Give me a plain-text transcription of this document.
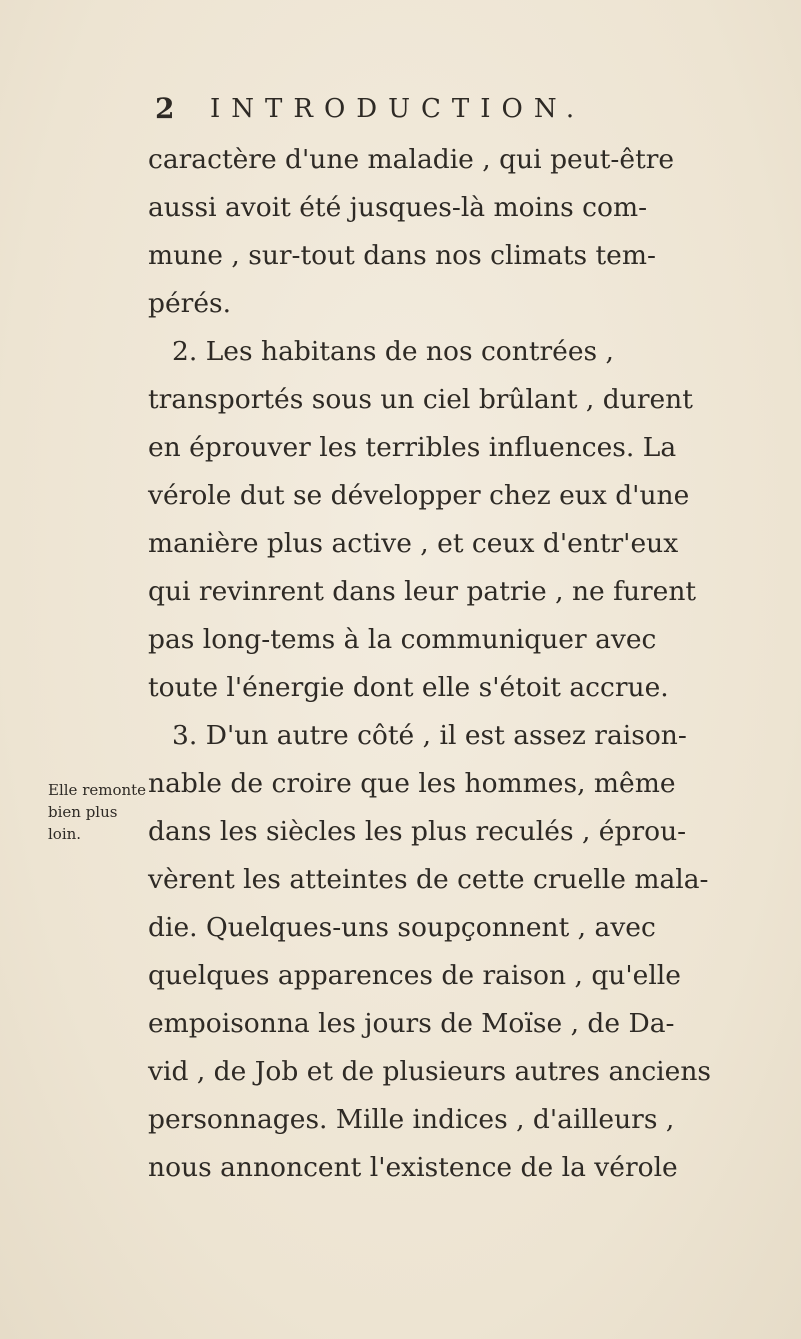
2 INTRODUCTION.
Elle remonte
bien plus loin.
caractère d'une maladie , qui peut-être
aussi avoit été jusques-là moins com-
mune , sur-tout dans nos climats tem-
pérés.
2. Les habitans de nos contrées ,
transportés sous un ciel brûlant , durent
en éprouver les terribles influences. La
vérole dut se développer chez eux d'une
manière plus active , et ceux d'entr'eux
qui revinrent dans leur patrie , ne furent
pas long-tems à la communiquer avec
toute l'énergie dont elle s'étoit accrue.
3. D'un autre côté , il est assez raison-
nable de croire que les hommes, même
dans les siècles les plus reculés , éprou-
vèrent les atteintes de cette cruelle mala-
die. Quelques-uns soupçonnent , avec
quelques apparences de raison , qu'elle
empoisonna les jours de Moïse , de Da-
vid , de Job et de plusieurs autres anciens
personnages. Mille indices , d'ailleurs ,
nous annoncent l'existence de la vérole
